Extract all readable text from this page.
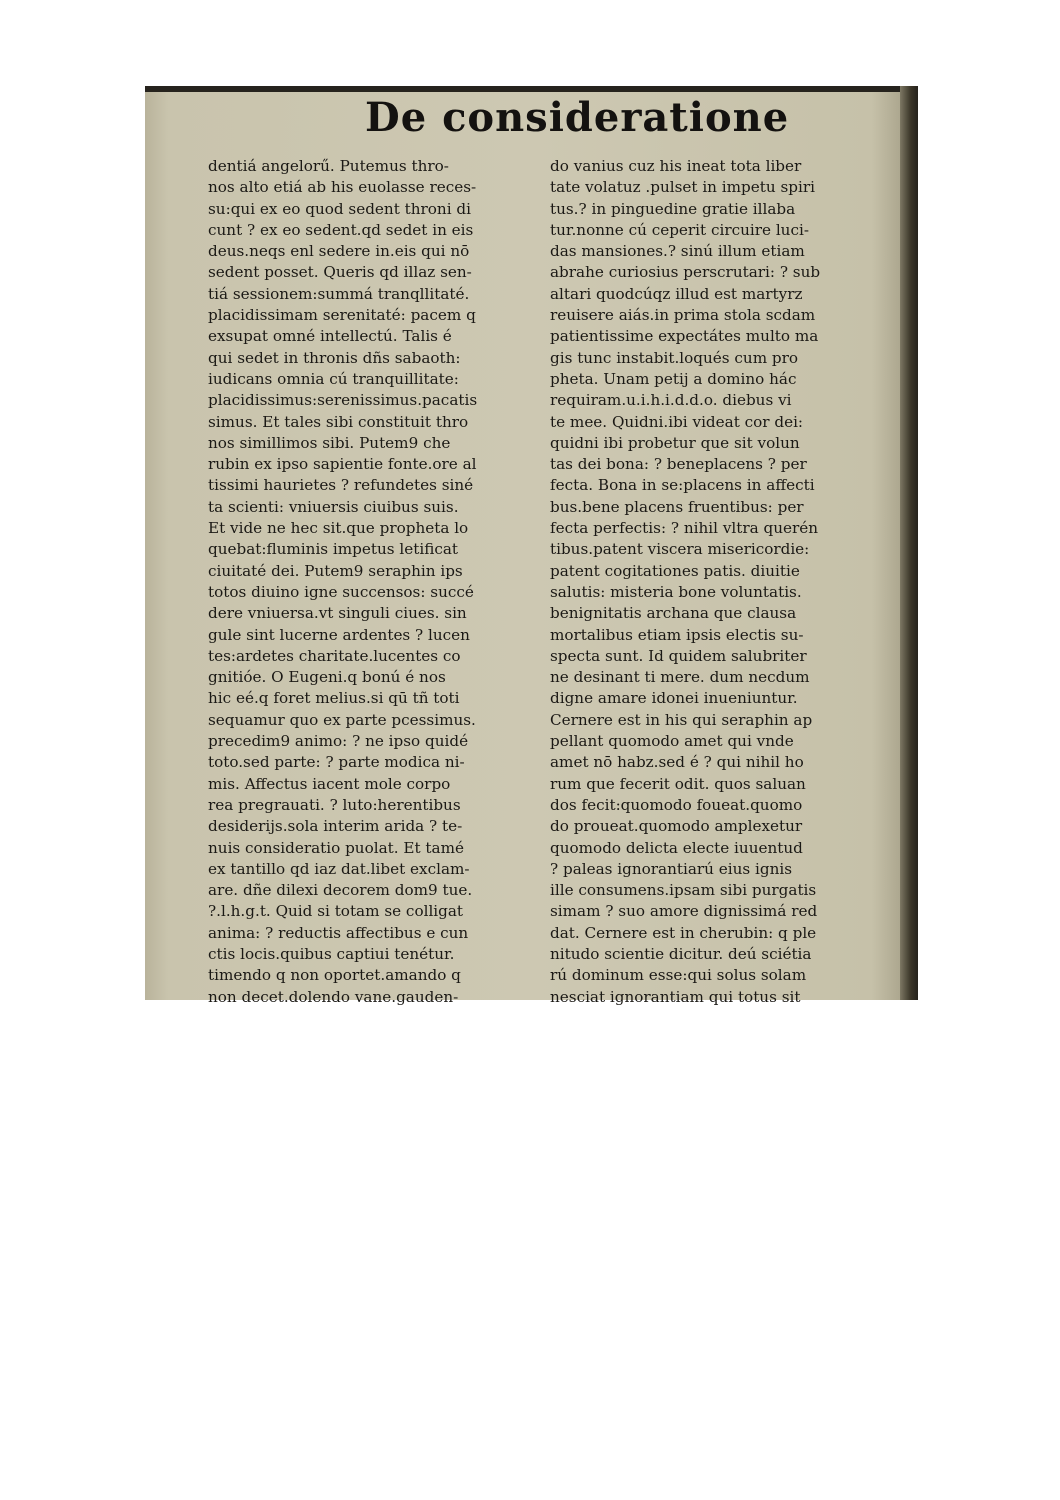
De consideratione
dentiá angelorű. Putemus thro-
nos alto etiá ab his euolasse reces-
su:qui ex eo quod sedent throni di
cunt ? ex eo sedent.qd sedet in eis
deus.neqs enl sedere in.eis qui nō
sedent posset. Queris qd illaz sen-
tiá sessionem:summá tranqllitaté.
placidissimam serenitaté: pacem q
exsupat omné intellectú. Talis é
qui sedet in thronis dñs sabaoth:
iudicans omnia cú tranquillitate:
placidissimus:serenissimus.pacatis
simus. Et tales sibi constituit thro
nos simillimos sibi. Putem9 che
rubin ex ipso sapientie fonte.ore al
tissimi haurietes ? refundetes siné
ta scienti: vniuersis ciuibus suis.
Et vide ne hec sit.que propheta lo
quebat:fluminis impetus letificat
ciuitaté dei. Putem9 seraphin ips
totos diuino igne succensos: succé
dere vniuersa.vt singuli ciues. sin
gule sint lucerne ardentes ? lucen
tes:ardetes charitate.lucentes co
gnitióe. O Eugeni.q bonú é nos
hic eé.q foret melius.si qū tñ toti
sequamur quo ex parte pcessimus.
precedim9 animo: ? ne ipso quidé
toto.sed parte: ? parte modica ni-
mis. Affectus iacent mole corpo
rea pregrauati. ? luto:herentibus
desiderijs.sola interim arida ? te-
nuis consideratio puolat. Et tamé
ex tantillo qd iaz dat.libet exclam-
are. dñe dilexi decorem dom9 tue.
?.l.h.g.t. Quid si totam se colligat
anima: ? reductis affectibus e cun
ctis locis.quibus captiui tenétur.
timendo q non oportet.amando q
non decet.dolendo vane.gauden-
do vanius cuz his ineat tota liber
tate volatuz .pulset in impetu spiri
tus.? in pinguedine gratie illaba
tur.nonne cú ceperit circuire luci-
das mansiones.? sinú illum etiam
abrahe curiosius perscrutari: ? sub
altari quodcúqz illud est martyrz
reuisere aiás.in prima stola scdam
patientissime expectátes multo ma
gis tunc instabit.loqués cum pro
pheta. Unam petij a domino hác
requiram.u.i.h.i.d.d.o. diebus vi
te mee. Quidni.ibi videat cor dei:
quidni ibi probetur que sit volun
tas dei bona: ? beneplacens ? per
fecta. Bona in se:placens in affecti
bus.bene placens fruentibus: per
fecta perfectis: ? nihil vltra querén
tibus.patent viscera misericordie:
patent cogitationes patis. diuitie
salutis: misteria bone voluntatis.
benignitatis archana que clausa
mortalibus etiam ipsis electis su-
specta sunt. Id quidem salubriter
ne desinant ti mere. dum necdum
digne amare idonei inueniuntur.
Cernere est in his qui seraphin ap
pellant quomodo amet qui vnde
amet nō habz.sed é ? qui nihil ho
rum que fecerit odit. quos saluan
dos fecit:quomodo foueat.quomo
do proueat.quomodo amplexetur
quomodo delicta electe iuuentud
? paleas ignorantiarú eius ignis
ille consumens.ipsam sibi purgatis
simam ? suo amore dignissimá red
dat. Cernere est in cherubin: q ple
nitudo scientie dicitur. deú sciétia
rú dominum esse:qui solus solam
nesciat ignorantiam qui totus sit
